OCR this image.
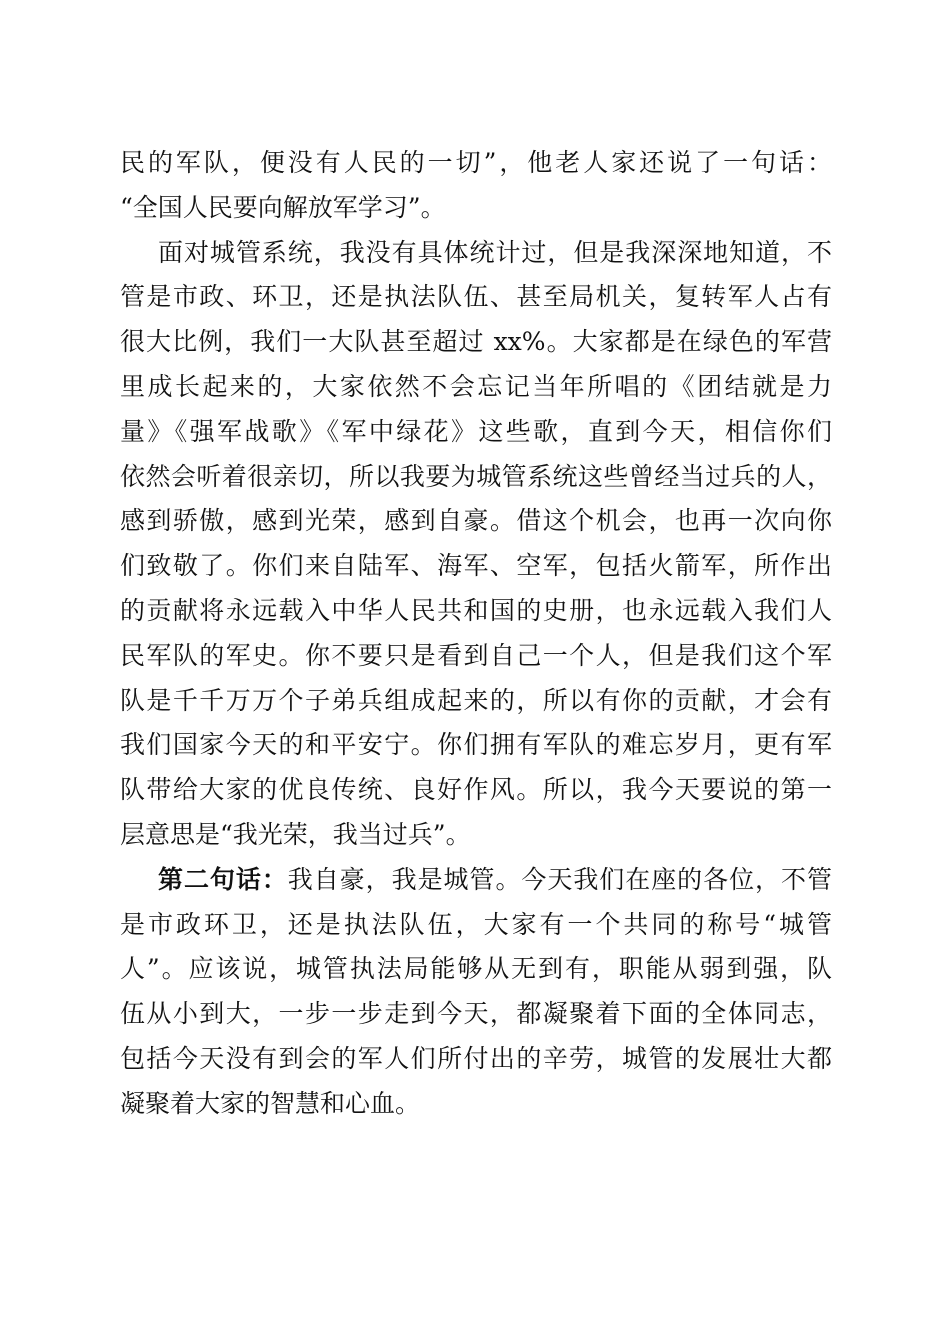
民的军队，便没有人民的一切”，他老人家还说了一句话：
“全国人民要向解放军学习”。
面对城管系统，我没有具体统计过，但是我深深地知道，不
管是市政、环卫，还是执法队伍、甚至局机关，复转军人占有
很大比例，我们一大队甚至超过 xx%。大家都是在绿色的军营
里成长起来的，大家依然不会忘记当年所唱的《团结就是力
量》《强军战歌》《军中绿花》这些歌，直到今天，相信你们
依然会听着很亲切，所以我要为城管系统这些曾经当过兵的人，
感到骄傲，感到光荣，感到自豪。借这个机会，也再一次向你
们致敬了。你们来自陆军、海军、空军，包括火箭军，所作出
的贡献将永远载入中华人民共和国的史册，也永远载入我们人
民军队的军史。你不要只是看到自己一个人，但是我们这个军
队是千千万万个子弟兵组成起来的，所以有你的贡献，才会有
我们国家今天的和平安宁。你们拥有军队的难忘岁月，更有军
队带给大家的优良传统、良好作风。所以，我今天要说的第一
层意思是“我光荣，我当过兵”。
第二句话：我自豪，我是城管。今天我们在座的各位，不管
是市政环卫，还是执法队伍，大家有一个共同的称号“城管
人”。应该说，城管执法局能够从无到有，职能从弱到强，队
伍从小到大，一步一步走到今天，都凝聚着下面的全体同志，
包括今天没有到会的军人们所付出的辛劳，城管的发展壮大都
凝聚着大家的智慧和心血。
